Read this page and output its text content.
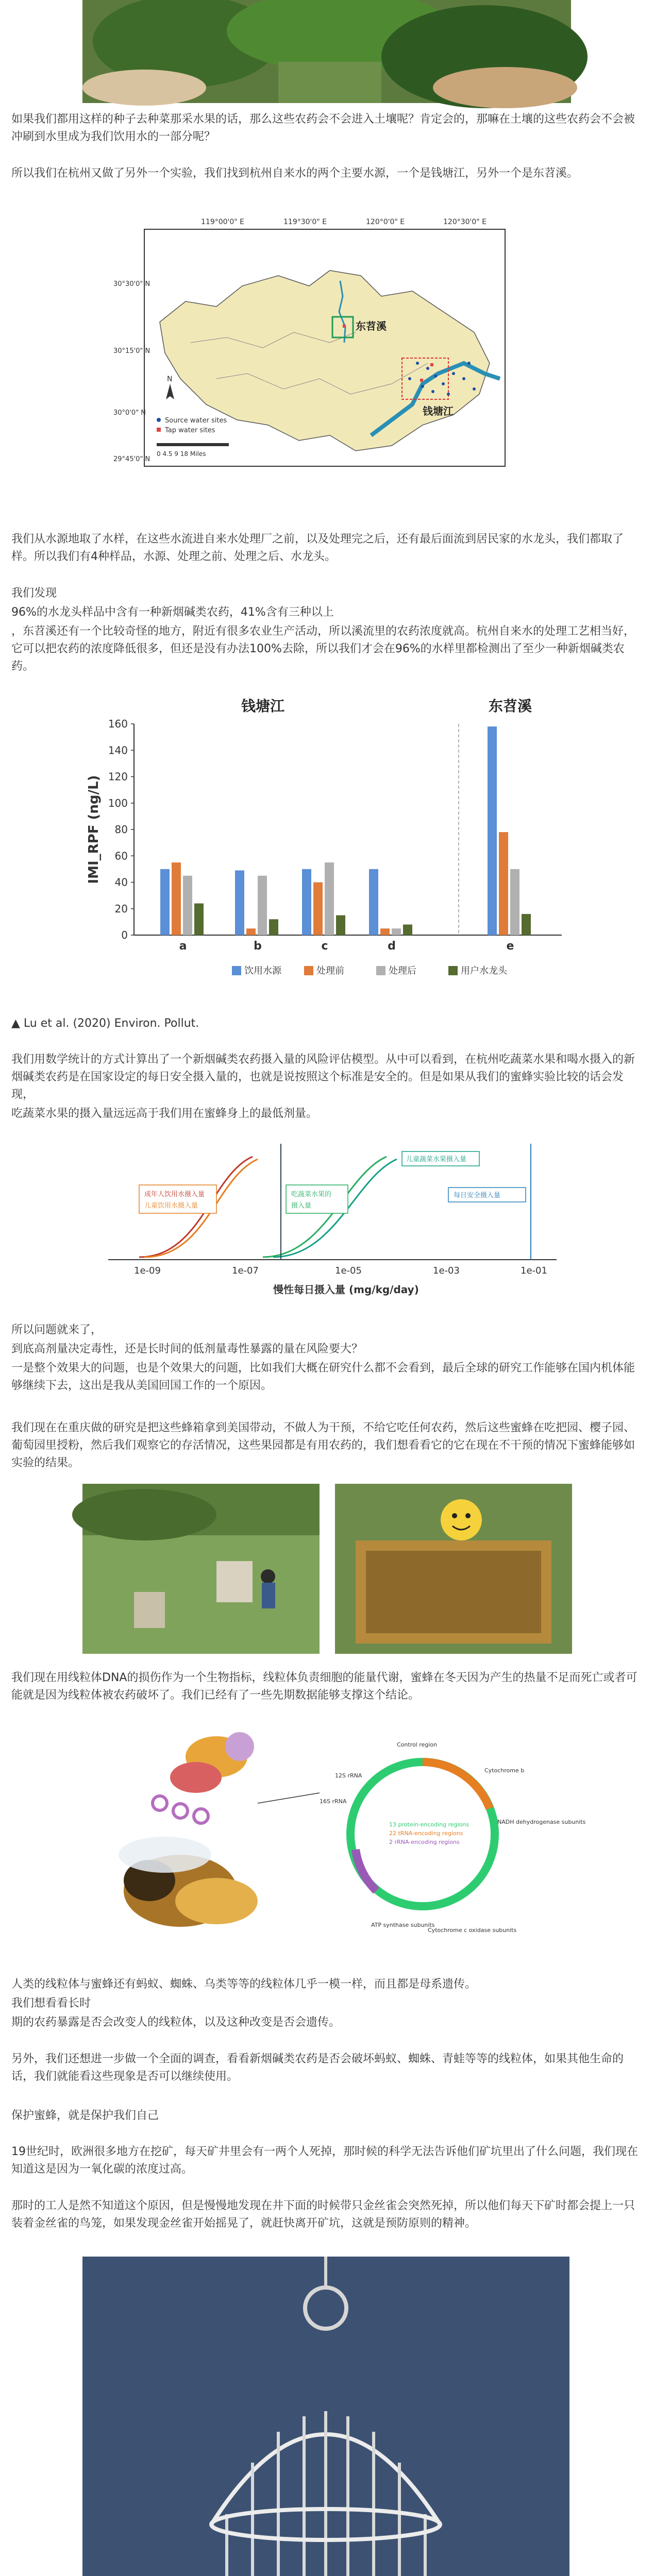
如果我们都用这样的种子去种菜那采水果的话，那么这些农药会不会进入土壤呢？肯定会的，那嘛在土壤的这些农药会不会被冲刷到水里成为我们饮用水的一部分呢？

所以我们在杭州又做了另外一个实验，我们找到杭州自来水的两个主要水源，一个是钱塘江，另外一个是东苕溪。

119°00'0" E	119°30'0" E	120°0'0" E	120°30'0" E
30°30'0" N
30°15'0" N
30°0'0" N
29°45'0" N
东苕溪
钱塘江
Source water sites
Tap water sites
0 4.5 9 18 Miles
N

我们从水源地取了水样，在这些水流进自来水处理厂之前，以及处理完之后，还有最后面流到居民家的水龙头，我们都取了样。所以我们有4种样品，水源、处理之前、处理之后、水龙头。

我们发现

96%的水龙头样品中含有一种新烟碱类农药，41%含有三种以上

，东苕溪还有一个比较奇怪的地方，附近有很多农业生产活动，所以溪流里的农药浓度就高。杭州自来水的处理工艺相当好，它可以把农药的浓度降低很多，但还是没有办法100%去除，所以我们才会在96%的水样里都检测出了至少一种新烟碱类农药。

0
20
40
60
80
100
120
140
160
IMI_RPF (ng/L)
钱塘江	东苕溪
a	b	c	d	e
饮用水源	处理前	处理后	用户水龙头

▲ Lu et al. (2020) Environ. Pollut.

我们用数学统计的方式计算出了一个新烟碱类农药摄入量的风险评估模型。从中可以看到，在杭州吃蔬菜水果和喝水摄入的新烟碱类农药是在国家设定的每日安全摄入量的，也就是说按照这个标准是安全的。但是如果从我们的蜜蜂实验比较的话会发现，

吃蔬菜水果的摄入量远远高于我们用在蜜蜂身上的最低剂量。

成年人饮用水摄入量
儿童饮用水摄入量
吃蔬菜水果的
摄入量
儿童蔬菜水果摄入量
每日安全摄入量
1e-09	1e-07	1e-05	1e-03	1e-01
慢性每日摄入量 (mg/kg/day)

所以问题就来了，

到底高剂量决定毒性，还是长时间的低剂量毒性暴露的量在风险要大？

一是整个效果大的问题，也是个效果大的问题，比如我们大概在研究什么都不会看到，最后全球的研究工作能够在国内机体能够继续下去，这出是我从美国回国工作的一个原因。

我们现在在重庆做的研究是把这些蜂箱拿到美国带动，不做人为干预，不给它吃任何农药，然后这些蜜蜂在吃把园、樱子园、葡萄园里授粉，然后我们观察它的存活情况，这些果园都是有用农药的，我们想看看它的它在现在不干预的情况下蜜蜂能够如实验的结果。

我们现在用线粒体DNA的损伤作为一个生物指标，线粒体负责细胞的能量代谢，蜜蜂在冬天因为产生的热量不足而死亡或者可能就是因为线粒体被农药破坏了。我们已经有了一些先期数据能够支撑这个结论。

Control region
Cytochrome b
NADH dehydrogenase subunits
12S rRNA
16S rRNA
Cytochrome c oxidase subunits
ATP synthase subunits
13 protein-encoding regions
22 tRNA-encoding regions
2 rRNA-encoding regions

人类的线粒体与蜜蜂还有蚂蚁、蜘蛛、乌类等等的线粒体几乎一模一样，而且都是母系遗传。

我们想看看长时

期的农药暴露是否会改变人的线粒体，以及这种改变是否会遗传。

另外，我们还想进一步做一个全面的调查，看看新烟碱类农药是否会破坏蚂蚁、蜘蛛、青蛙等等的线粒体，如果其他生命的话，我们就能看这些现象是否可以继续使用。

保护蜜蜂，就是保护我们自己

19世纪时，欧洲很多地方在挖矿，每天矿井里会有一两个人死掉，那时候的科学无法告诉他们矿坑里出了什么问题，我们现在知道这是因为一氧化碳的浓度过高。

那时的工人是然不知道这个原因，但是慢慢地发现在井下面的时候带只金丝雀会突然死掉，所以他们每天下矿时都会提上一只装着金丝雀的鸟笼，如果发现金丝雀开始摇晃了，就赶快离开矿坑，这就是预防原则的精神。
